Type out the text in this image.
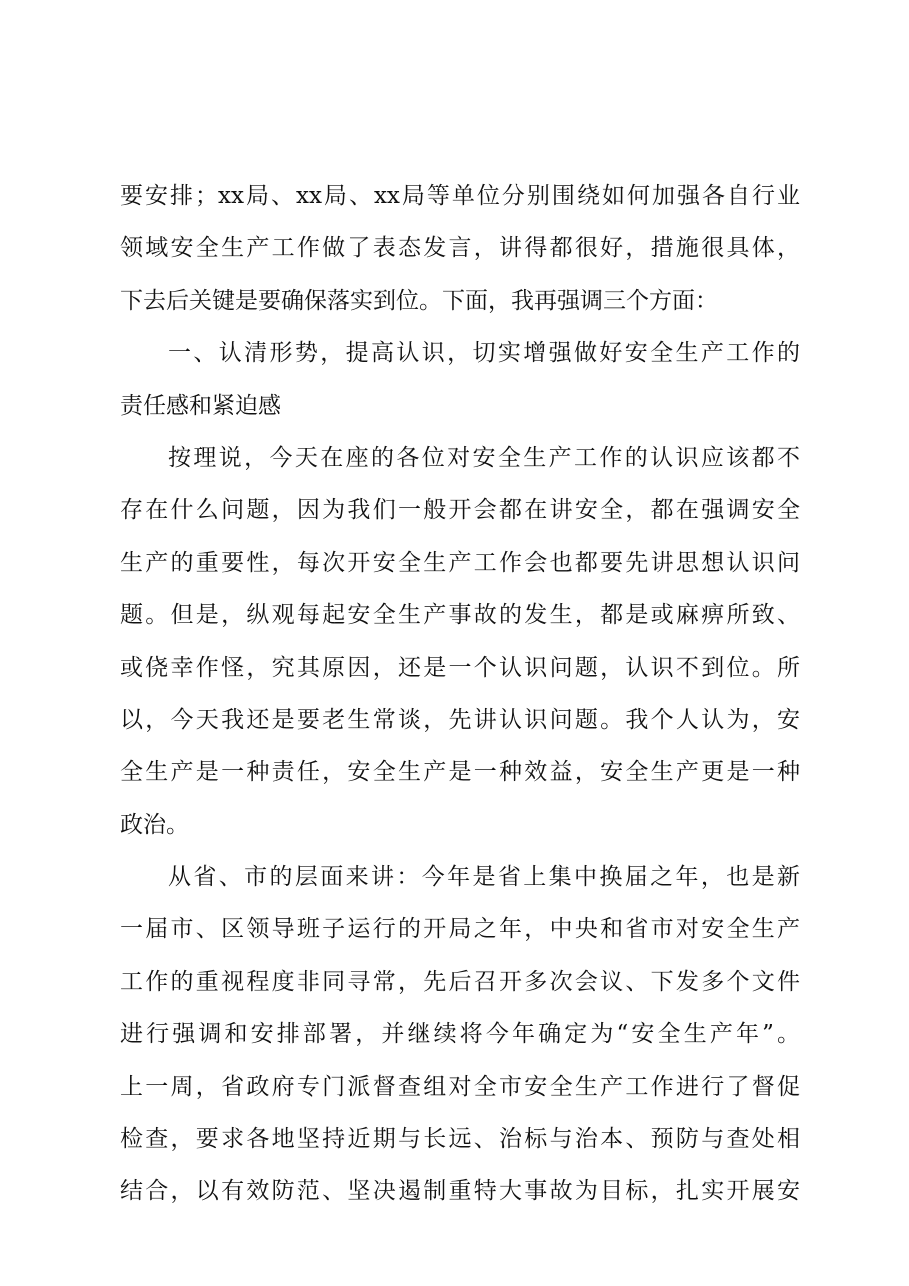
要安排；xx局、xx局、xx局等单位分别围绕如何加强各自行业
领域安全生产工作做了表态发言，讲得都很好，措施很具体，
下去后关键是要确保落实到位。下面，我再强调三个方面：
一、认清形势，提高认识，切实增强做好安全生产工作的
责任感和紧迫感
按理说，今天在座的各位对安全生产工作的认识应该都不
存在什么问题，因为我们一般开会都在讲安全，都在强调安全
生产的重要性，每次开安全生产工作会也都要先讲思想认识问
题。但是，纵观每起安全生产事故的发生，都是或麻痹所致、
或侥幸作怪，究其原因，还是一个认识问题，认识不到位。所
以，今天我还是要老生常谈，先讲认识问题。我个人认为，安
全生产是一种责任，安全生产是一种效益，安全生产更是一种
政治。
从省、市的层面来讲：今年是省上集中换届之年，也是新
一届市、区领导班子运行的开局之年，中央和省市对安全生产
工作的重视程度非同寻常，先后召开多次会议、下发多个文件
进行强调和安排部署，并继续将今年确定为“安全生产年”。
上一周，省政府专门派督查组对全市安全生产工作进行了督促
检查，要求各地坚持近期与长远、治标与治本、预防与查处相
结合，以有效防范、坚决遏制重特大事故为目标，扎实开展安
